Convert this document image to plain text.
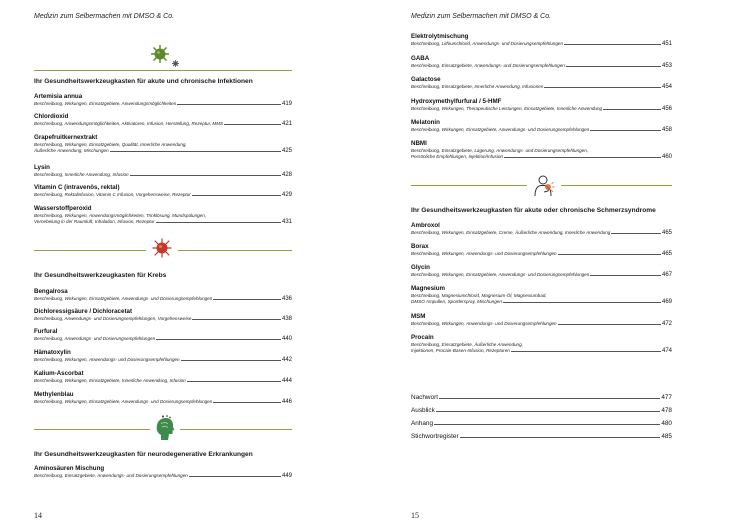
Medizin zum Selbermachen mit DMSO & Co.
Ihr Gesundheitswerkzeugkasten für akute und chronische Infektionen
Artemisia annua
Beschreibung, Wirkungen, Einsatzgebiete, Anwendungsmöglichkeiten	419
Chlordioxid
Beschreibung, Anwendungsmöglichkeiten, Aktivatoren, Infusion, Herstellung, Rezeptur, MMS	421
Grapefruitkernextrakt
Beschreibung, Wirkungen, Einsatzgebiete, Qualität, Innerliche Anwendung,
Äußerliche Anwendung, Mischungen	425
Lysin
Beschreibung, Innerliche Anwendung, Infusion	428
Vitamin C (intravenös, rektal)
Beschreibung, Rektalinfusion, Vitamin C Infusion, Vorgehensweise, Rezeptur	429
Wasserstoffperoxid
Beschreibung, Wirkungen, Anwendungsmöglichkeiten, Trinklösung, Mundspülungen,
Vernebelung in der Raumluft, Inhalation, Infusion, Rezeptur	431
Ihr Gesundheitswerkzeugkasten für Krebs
Bengalrosa
Beschreibung, Wirkungen, Einsatzgebiete, Anwendungs- und Dosierungsempfehlungen	436
Dichloressigsäure / Dichloracetat
Beschreibung, Anwendungs- und Dosierungsempfehlungen, Vorgehensweise	438
Furfural
Beschreibung, Anwendungs- und Dosierungsempfehlungen	440
Hämatoxylin
Beschreibung, Wirkungen, Anwendungs- und Dosierungsempfehlungen	442
Kalium-Ascorbat
Beschreibung, Wirkungen, Einsatzgebiete, Innerliche Anwendung, Infusion	444
Methylenblau
Beschreibung, Wirkungen, Einsatzgebiete, Anwendungs- und Dosierungsempfehlungen	446
Ihr Gesundheitswerkzeugkasten für neurodegenerative Erkrankungen
Aminosäuren Mischung
Beschreibung, Einsatzgebiete, Anwendungs- und Dosierungsempfehlungen	449
14
Medizin zum Selbermachen mit DMSO & Co.
Elektrolytmischung
Beschreibung, Lithiumchlorid, Anwendungs- und Dosierungsempfehlungen	451
GABA
Beschreibung, Einsatzgebiete, Anwendungs- und Dosierungsempfehlungen	453
Galactose
Beschreibung, Einsatzgebiete, Innerliche Anwendung, Infusionen	454
Hydroxymethylfurfural / 5-HMF
Beschreibung, Wirkungen, Therapeutische Leistungen, Einsatzgebiete, Innerliche Anwendung	456
Melatonin
Beschreibung, Wirkungen, Einsatzgebiete, Anwendungs- und Dosierungsempfehlungen	458
NBMI
Beschreibung, Einsatzgebiete, Lagerung, Anwendungs- und Dosierungsempfehlungen,
Persönliche Empfehlungen, Injektion/Infusion	460
Ihr Gesundheitswerkzeugkasten für akute oder chronische Schmerzsyndrome
Ambroxol
Beschreibung, Wirkungen, Einsatzgebiete, Creme, Äußerliche Anwendung, Innerliche Anwendung	465
Borax
Beschreibung, Wirkungen, Anwendungs- und Dosierungsempfehlungen	465
Glycin
Beschreibung, Wirkungen, Einsatzgebiete, Anwendungs- und Dosierungsempfehlungen	467
Magnesium
Beschreibung, Magnesiumchlorid, Magnesium-Öl, Magnesiumbad,
DMSO Ampullen, Sportlerspray, Mischungen	469
MSM
Beschreibung, Wirkungen, Anwendungs- und Dosierungsempfehlungen	472
Procain
Beschreibung, Einsatzgebiete, Äußerliche Anwendung,
Injektionen, Procain-Basen-Infusion, Rezepturen	474
Nachwort	477
Ausblick	478
Anhang	480
Stichwortregister	485
15
